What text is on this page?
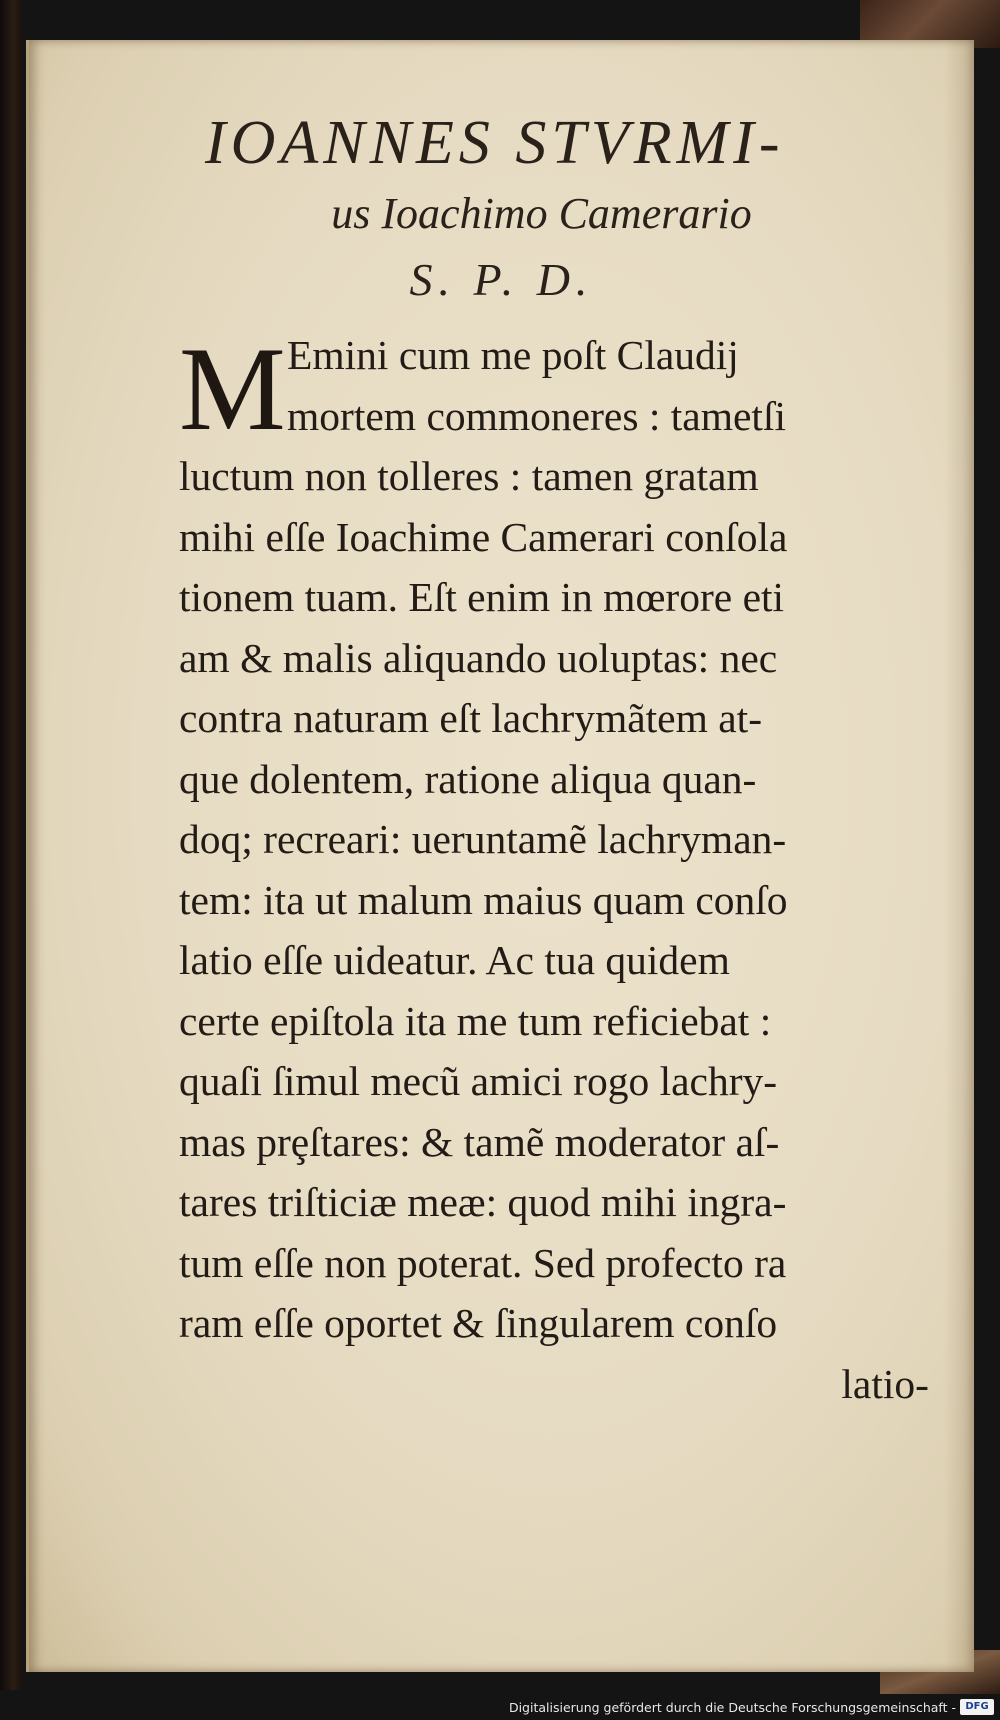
IOANNES STVRMI-
us Ioachimo Camerario
S. P. D.
M Emini cum me poſt Claudij
mortem commoneres : tametſi
luctum non tolleres : tamen gratam
mihi eſſe Ioachime Camerari conſola
tionem tuam. Eſt enim in mœrore eti
am & malis aliquando uoluptas: nec
contra naturam eſt lachrymãtem at-
que dolentem, ratione aliqua quan-
doq; recreari: ueruntamẽ lachryman-
tem: ita ut malum maius quam conſo
latio eſſe uideatur. Ac tua quidem
certe epiſtola ita me tum reficiebat :
quaſi ſimul mecũ amici rogo lachry-
mas prȩſtares: & tamẽ moderator aſ-
tares triſticiæ meæ: quod mihi ingra-
tum eſſe non poterat. Sed profecto ra
ram eſſe oportet & ſingularem conſo
latio-
Digitalisierung gefördert durch die Deutsche Forschungsgemeinschaft - DFG
